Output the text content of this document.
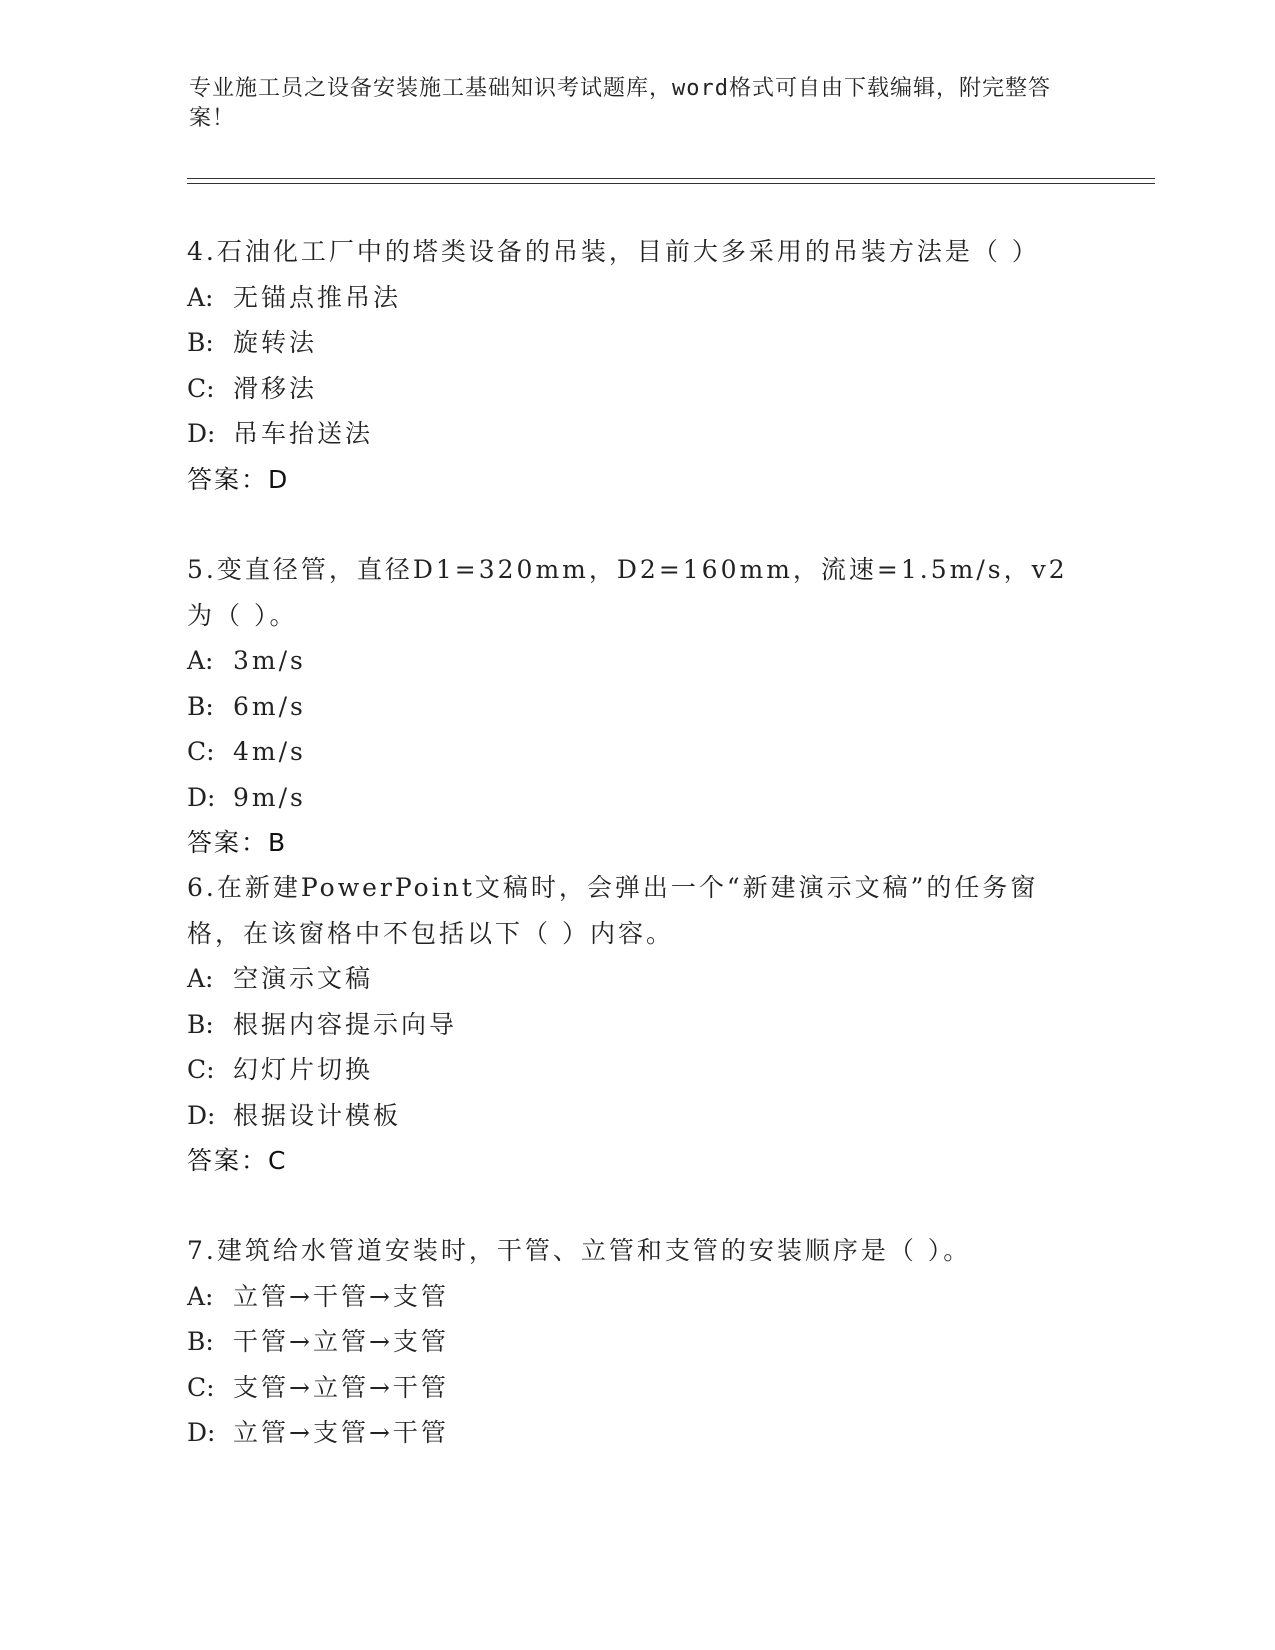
专业施工员之设备安装施工基础知识考试题库，word格式可自由下载编辑，附完整答案！
4.石油化工厂中的塔类设备的吊装，目前大多采用的吊装方法是（ ）
A: 无锚点推吊法
B: 旋转法
C: 滑移法
D: 吊车抬送法
答案：D
5.变直径管，直径D1=320mm，D2=160mm，流速=1.5m/s，v2为（ ）。
A: 3m/s
B: 6m/s
C: 4m/s
D: 9m/s
答案：B
6.在新建PowerPoint文稿时，会弹出一个“新建演示文稿”的任务窗格，在该窗格中不包括以下（ ）内容。
A: 空演示文稿
B: 根据内容提示向导
C: 幻灯片切换
D: 根据设计模板
答案：C
7.建筑给水管道安装时，干管、立管和支管的安装顺序是（ ）。
A: 立管→干管→支管
B: 干管→立管→支管
C: 支管→立管→干管
D: 立管→支管→干管
